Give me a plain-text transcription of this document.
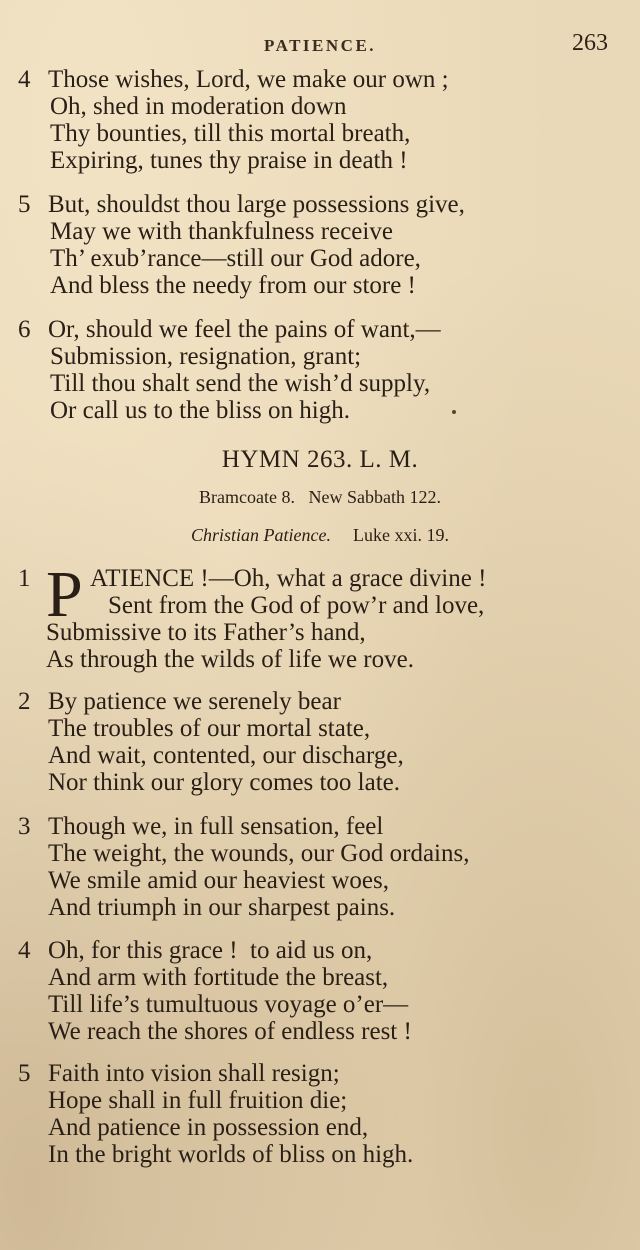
PATIENCE.	263
4 Those wishes, Lord, we make our own ;
Oh, shed in moderation down
Thy bounties, till this mortal breath,
Expiring, tunes thy praise in death !
5 But, shouldst thou large possessions give,
May we with thankfulness receive
Th’ exub’rance—still our God adore,
And bless the needy from our store !
6 Or, should we feel the pains of want,—
Submission, resignation, grant;
Till thou shalt send the wish’d supply,
Or call us to the bliss on high.
HYMN 263. L. M.
Bramcoate 8.   New Sabbath 122.
Christian Patience. Luke xxi. 19.
1 P ATIENCE !—Oh, what a grace divine !
Sent from the God of pow’r and love,
Submissive to its Father’s hand,
As through the wilds of life we rove.
2 By patience we serenely bear
The troubles of our mortal state,
And wait, contented, our discharge,
Nor think our glory comes too late.
3 Though we, in full sensation, feel
The weight, the wounds, our God ordains,
We smile amid our heaviest woes,
And triumph in our sharpest pains.
4 Oh, for this grace !  to aid us on,
And arm with fortitude the breast,
Till life’s tumultuous voyage o’er—
We reach the shores of endless rest !
5 Faith into vision shall resign;
Hope shall in full fruition die;
And patience in possession end,
In the bright worlds of bliss on high.
